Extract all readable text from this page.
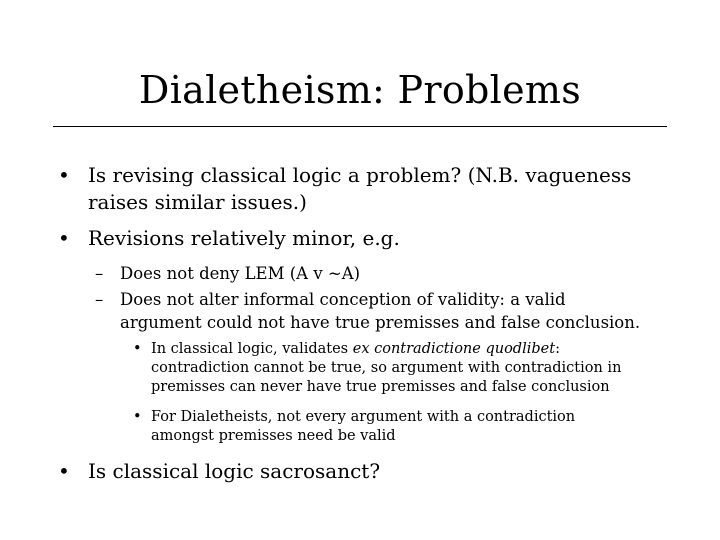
Dialetheism: Problems
• Is revising classical logic a problem? (N.B. vagueness
raises similar issues.)
• Revisions relatively minor, e.g.
– Does not deny LEM (A v ~A)
– Does not alter informal conception of validity: a valid
argument could not have true premisses and false conclusion.
• In classical logic, validates ex contradictione quodlibet:
contradiction cannot be true, so argument with contradiction in
premisses can never have true premisses and false conclusion
• For Dialetheists, not every argument with a contradiction
amongst premisses need be valid
• Is classical logic sacrosanct?
